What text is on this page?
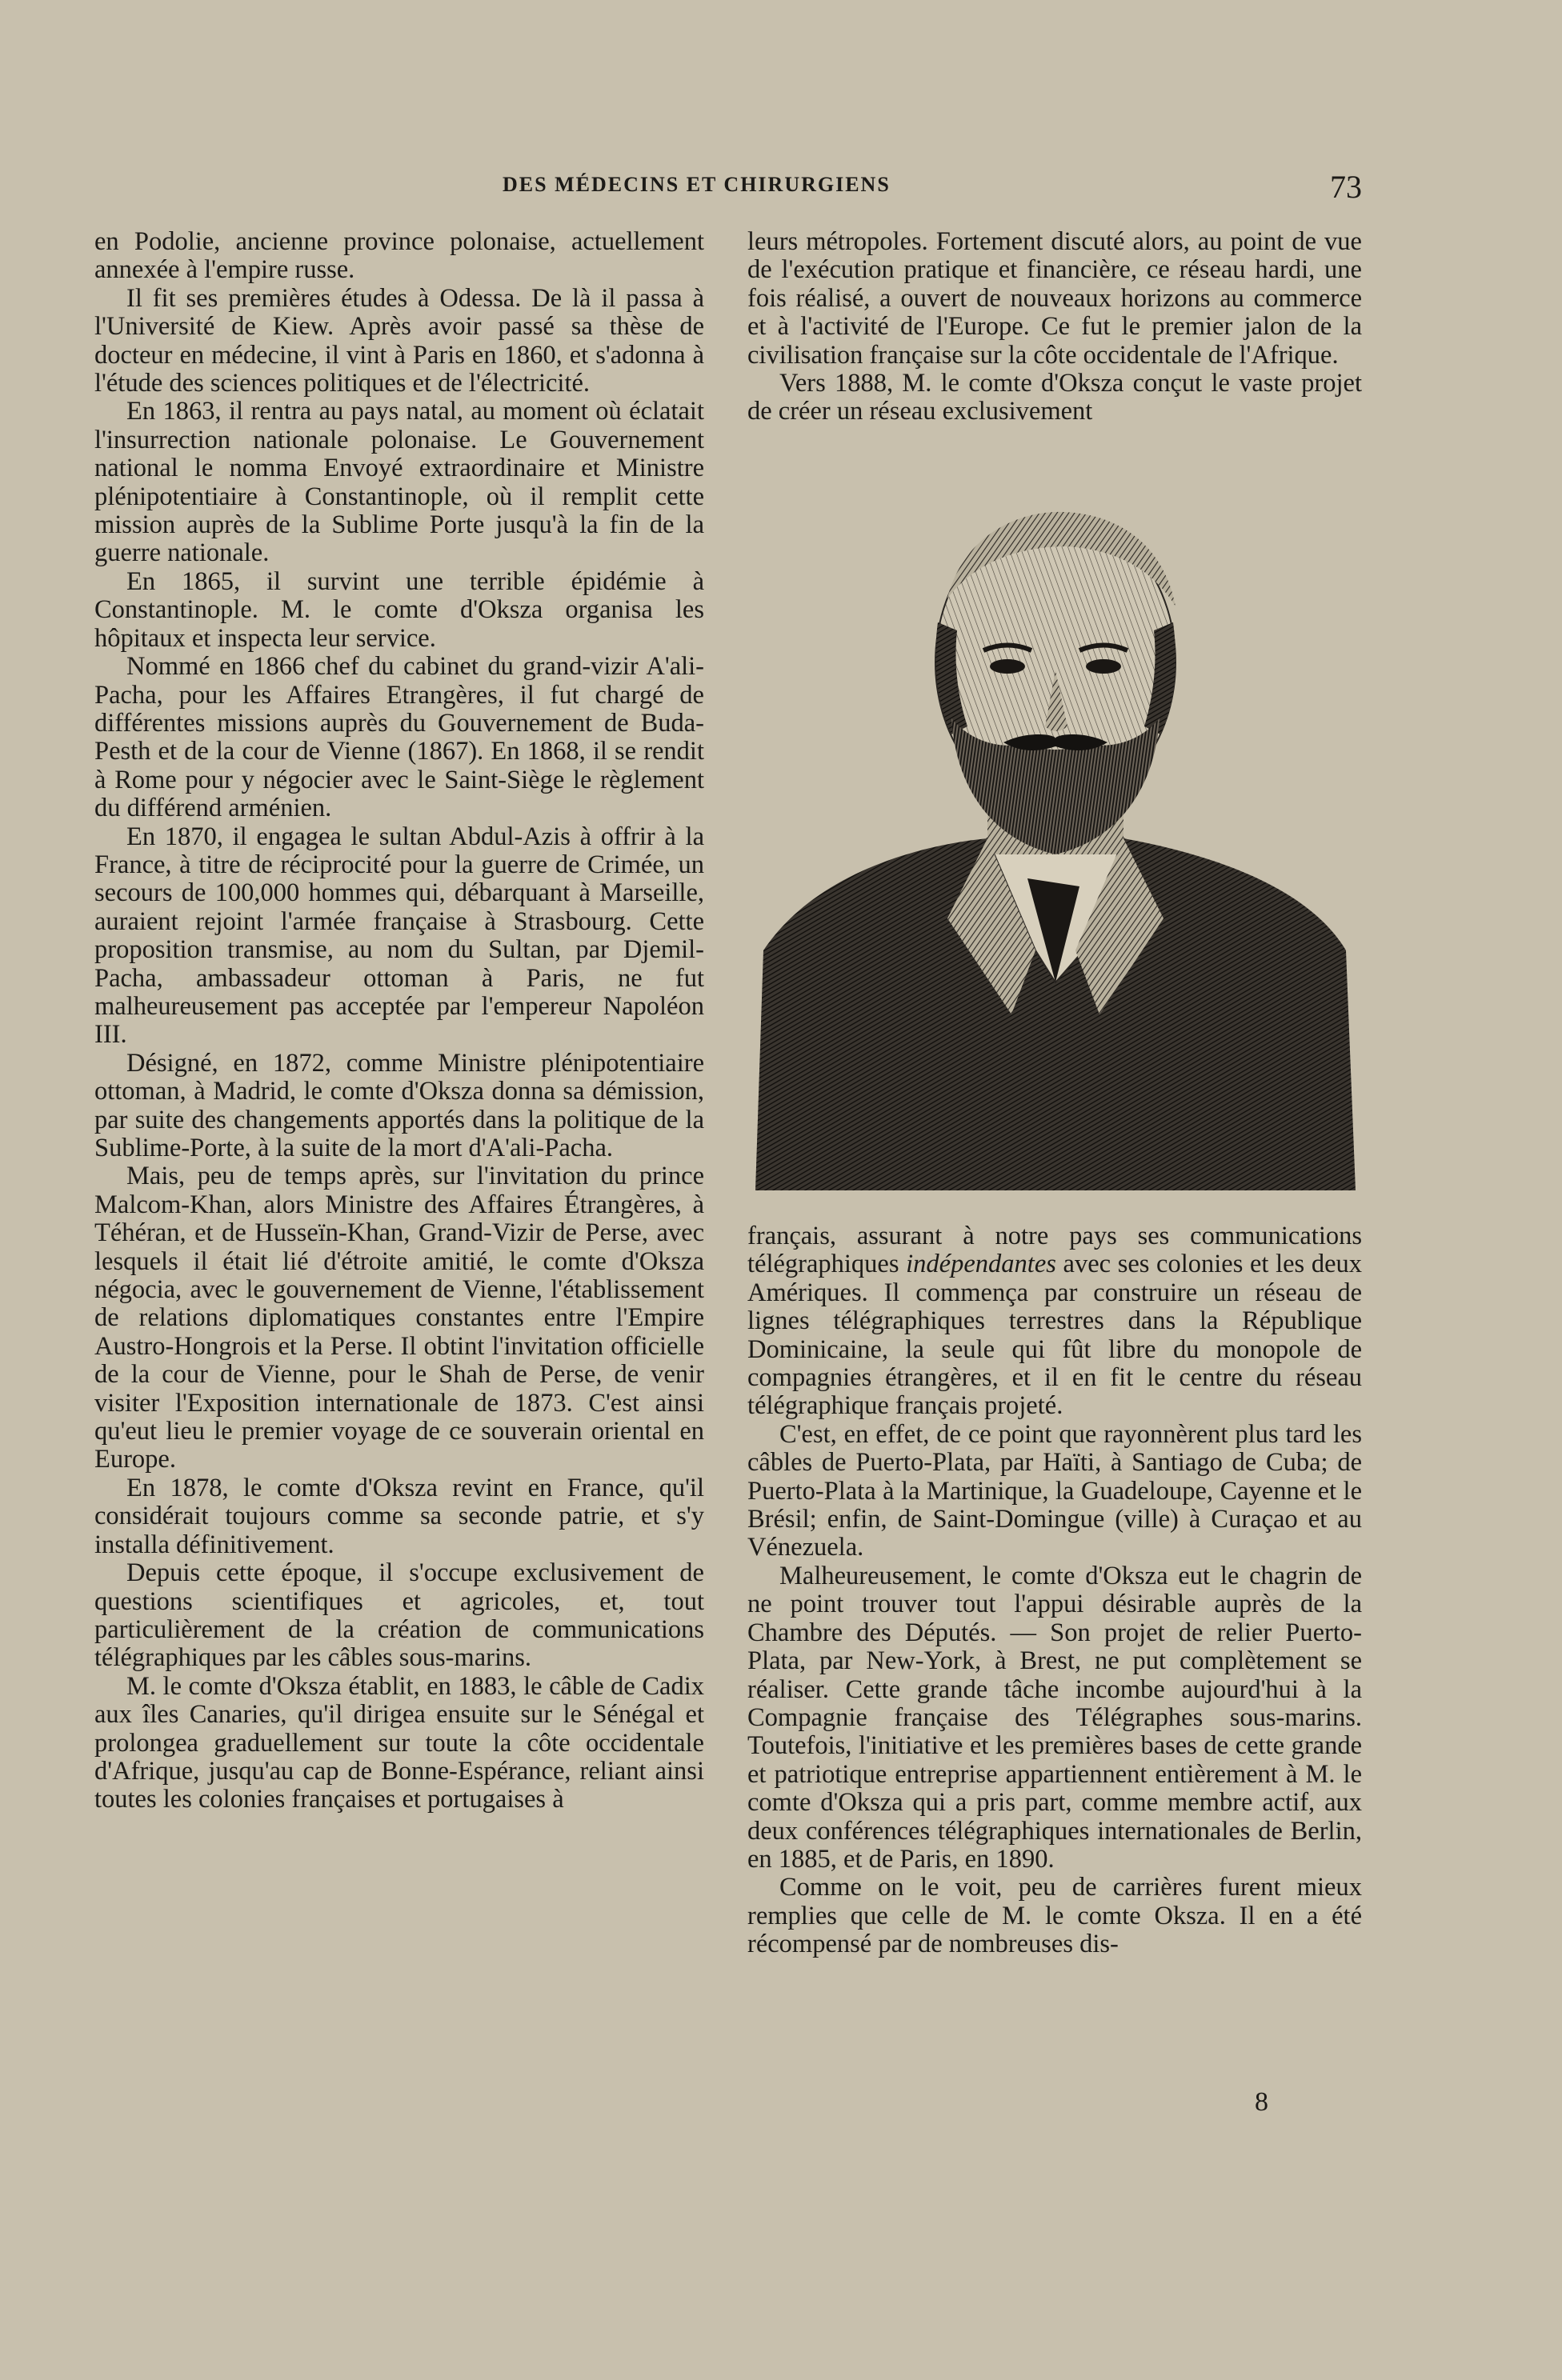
DES MÉDECINS ET CHIRURGIENS	73

en Podolie, ancienne province polonaise, actuellement annexée à l'empire russe.

Il fit ses premières études à Odessa. De là il passa à l'Université de Kiew. Après avoir passé sa thèse de docteur en médecine, il vint à Paris en 1860, et s'adonna à l'étude des sciences politiques et de l'électricité.

En 1863, il rentra au pays natal, au moment où éclatait l'insurrection nationale polonaise. Le Gouvernement national le nomma Envoyé extraordinaire et Ministre plénipotentiaire à Constantinople, où il remplit cette mission auprès de la Sublime Porte jusqu'à la fin de la guerre nationale.

En 1865, il survint une terrible épidémie à Constantinople. M. le comte d'Oksza organisa les hôpitaux et inspecta leur service.

Nommé en 1866 chef du cabinet du grand-vizir A'ali-Pacha, pour les Affaires Etrangères, il fut chargé de différentes missions auprès du Gouvernement de Buda-Pesth et de la cour de Vienne (1867). En 1868, il se rendit à Rome pour y négocier avec le Saint-Siège le règlement du différend arménien.

En 1870, il engagea le sultan Abdul-Azis à offrir à la France, à titre de réciprocité pour la guerre de Crimée, un secours de 100,000 hommes qui, débarquant à Marseille, auraient rejoint l'armée française à Strasbourg. Cette proposition transmise, au nom du Sultan, par Djemil-Pacha, ambassadeur ottoman à Paris, ne fut malheureusement pas acceptée par l'empereur Napoléon III.

Désigné, en 1872, comme Ministre plénipotentiaire ottoman, à Madrid, le comte d'Oksza donna sa démission, par suite des changements apportés dans la politique de la Sublime-Porte, à la suite de la mort d'A'ali-Pacha.

Mais, peu de temps après, sur l'invitation du prince Malcom-Khan, alors Ministre des Affaires Étrangères, à Téhéran, et de Husseïn-Khan, Grand-Vizir de Perse, avec lesquels il était lié d'étroite amitié, le comte d'Oksza négocia, avec le gouvernement de Vienne, l'établissement de relations diplomatiques constantes entre l'Empire Austro-Hongrois et la Perse. Il obtint l'invitation officielle de la cour de Vienne, pour le Shah de Perse, de venir visiter l'Exposition internationale de 1873. C'est ainsi qu'eut lieu le premier voyage de ce souverain oriental en Europe.

En 1878, le comte d'Oksza revint en France, qu'il considérait toujours comme sa seconde patrie, et s'y installa définitivement.

Depuis cette époque, il s'occupe exclusivement de questions scientifiques et agricoles, et, tout particulièrement de la création de communications télégraphiques par les câbles sous-marins.

M. le comte d'Oksza établit, en 1883, le câble de Cadix aux îles Canaries, qu'il dirigea ensuite sur le Sénégal et prolongea graduellement sur toute la côte occidentale d'Afrique, jusqu'au cap de Bonne-Espérance, reliant ainsi toutes les colonies françaises et portugaises à

leurs métropoles. Fortement discuté alors, au point de vue de l'exécution pratique et financière, ce réseau hardi, une fois réalisé, a ouvert de nouveaux horizons au commerce et à l'activité de l'Europe. Ce fut le premier jalon de la civilisation française sur la côte occidentale de l'Afrique.

Vers 1888, M. le comte d'Oksza conçut le vaste projet de créer un réseau exclusivement

français, assurant à notre pays ses communications télégraphiques indépendantes avec ses colonies et les deux Amériques. Il commença par construire un réseau de lignes télégraphiques terrestres dans la République Dominicaine, la seule qui fût libre du monopole de compagnies étrangères, et il en fit le centre du réseau télégraphique français projeté.

C'est, en effet, de ce point que rayonnèrent plus tard les câbles de Puerto-Plata, par Haïti, à Santiago de Cuba; de Puerto-Plata à la Martinique, la Guadeloupe, Cayenne et le Brésil; enfin, de Saint-Domingue (ville) à Curaçao et au Vénezuela.

Malheureusement, le comte d'Oksza eut le chagrin de ne point trouver tout l'appui désirable auprès de la Chambre des Députés. — Son projet de relier Puerto-Plata, par New-York, à Brest, ne put complètement se réaliser. Cette grande tâche incombe aujourd'hui à la Compagnie française des Télégraphes sous-marins. Toutefois, l'initiative et les premières bases de cette grande et patriotique entreprise appartiennent entièrement à M. le comte d'Oksza qui a pris part, comme membre actif, aux deux conférences télégraphiques internationales de Berlin, en 1885, et de Paris, en 1890.

Comme on le voit, peu de carrières furent mieux remplies que celle de M. le comte Oksza. Il en a été récompensé par de nombreuses dis-

8
